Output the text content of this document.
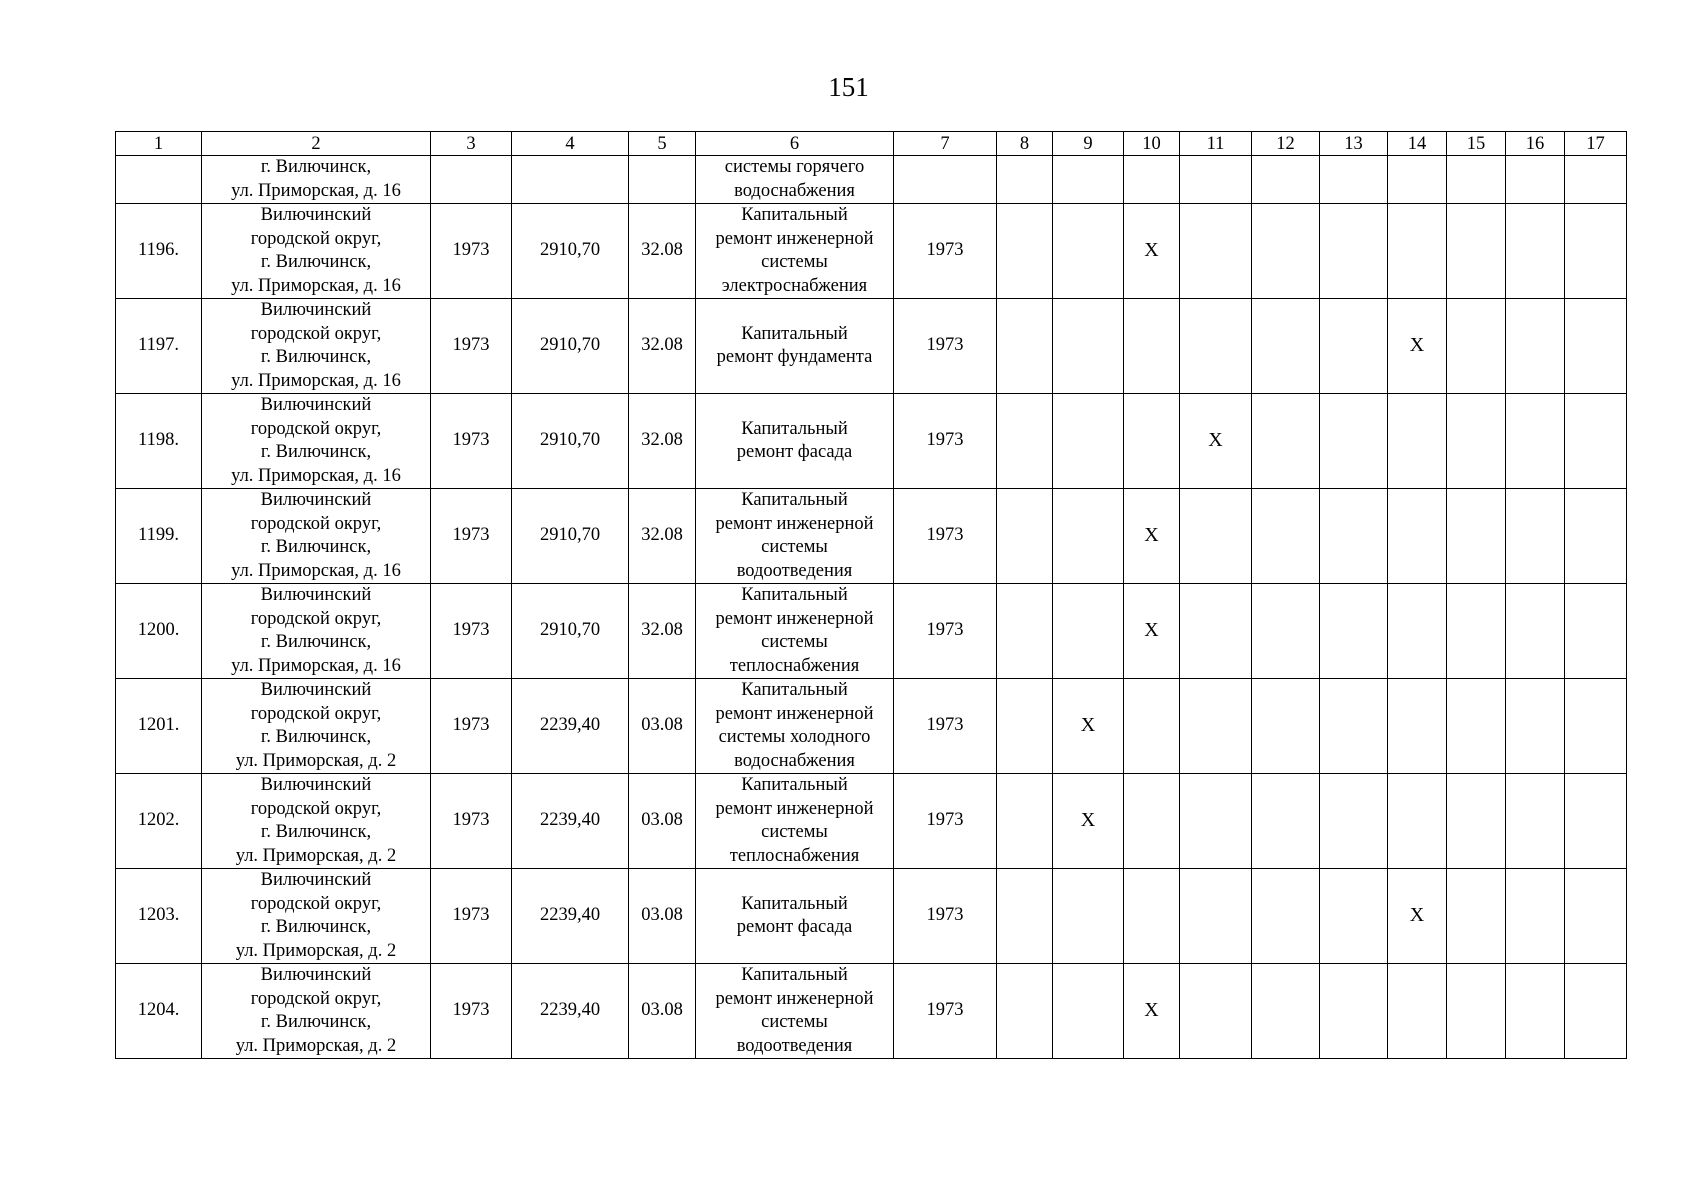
151
1	2	3	4	5	6	7	8	9	10	11	12	13	14	15	16	17
	г. Вилючинск,
ул. Приморская, д. 16				системы горячего
водоснабжения											
1196.	Вилючинский
городской округ,
г. Вилючинск,
ул. Приморская, д. 16	1973	2910,70	32.08	Капитальный
ремонт инженерной
системы
электроснабжения	1973			X							
1197.	Вилючинский
городской округ,
г. Вилючинск,
ул. Приморская, д. 16	1973	2910,70	32.08	Капитальный
ремонт фундамента	1973							X			
1198.	Вилючинский
городской округ,
г. Вилючинск,
ул. Приморская, д. 16	1973	2910,70	32.08	Капитальный
ремонт фасада	1973				X						
1199.	Вилючинский
городской округ,
г. Вилючинск,
ул. Приморская, д. 16	1973	2910,70	32.08	Капитальный
ремонт инженерной
системы
водоотведения	1973			X							
1200.	Вилючинский
городской округ,
г. Вилючинск,
ул. Приморская, д. 16	1973	2910,70	32.08	Капитальный
ремонт инженерной
системы
теплоснабжения	1973			X							
1201.	Вилючинский
городской округ,
г. Вилючинск,
ул. Приморская, д. 2	1973	2239,40	03.08	Капитальный
ремонт инженерной
системы холодного
водоснабжения	1973		X								
1202.	Вилючинский
городской округ,
г. Вилючинск,
ул. Приморская, д. 2	1973	2239,40	03.08	Капитальный
ремонт инженерной
системы
теплоснабжения	1973		X								
1203.	Вилючинский
городской округ,
г. Вилючинск,
ул. Приморская, д. 2	1973	2239,40	03.08	Капитальный
ремонт фасада	1973							X			
1204.	Вилючинский
городской округ,
г. Вилючинск,
ул. Приморская, д. 2	1973	2239,40	03.08	Капитальный
ремонт инженерной
системы
водоотведения	1973			X							
